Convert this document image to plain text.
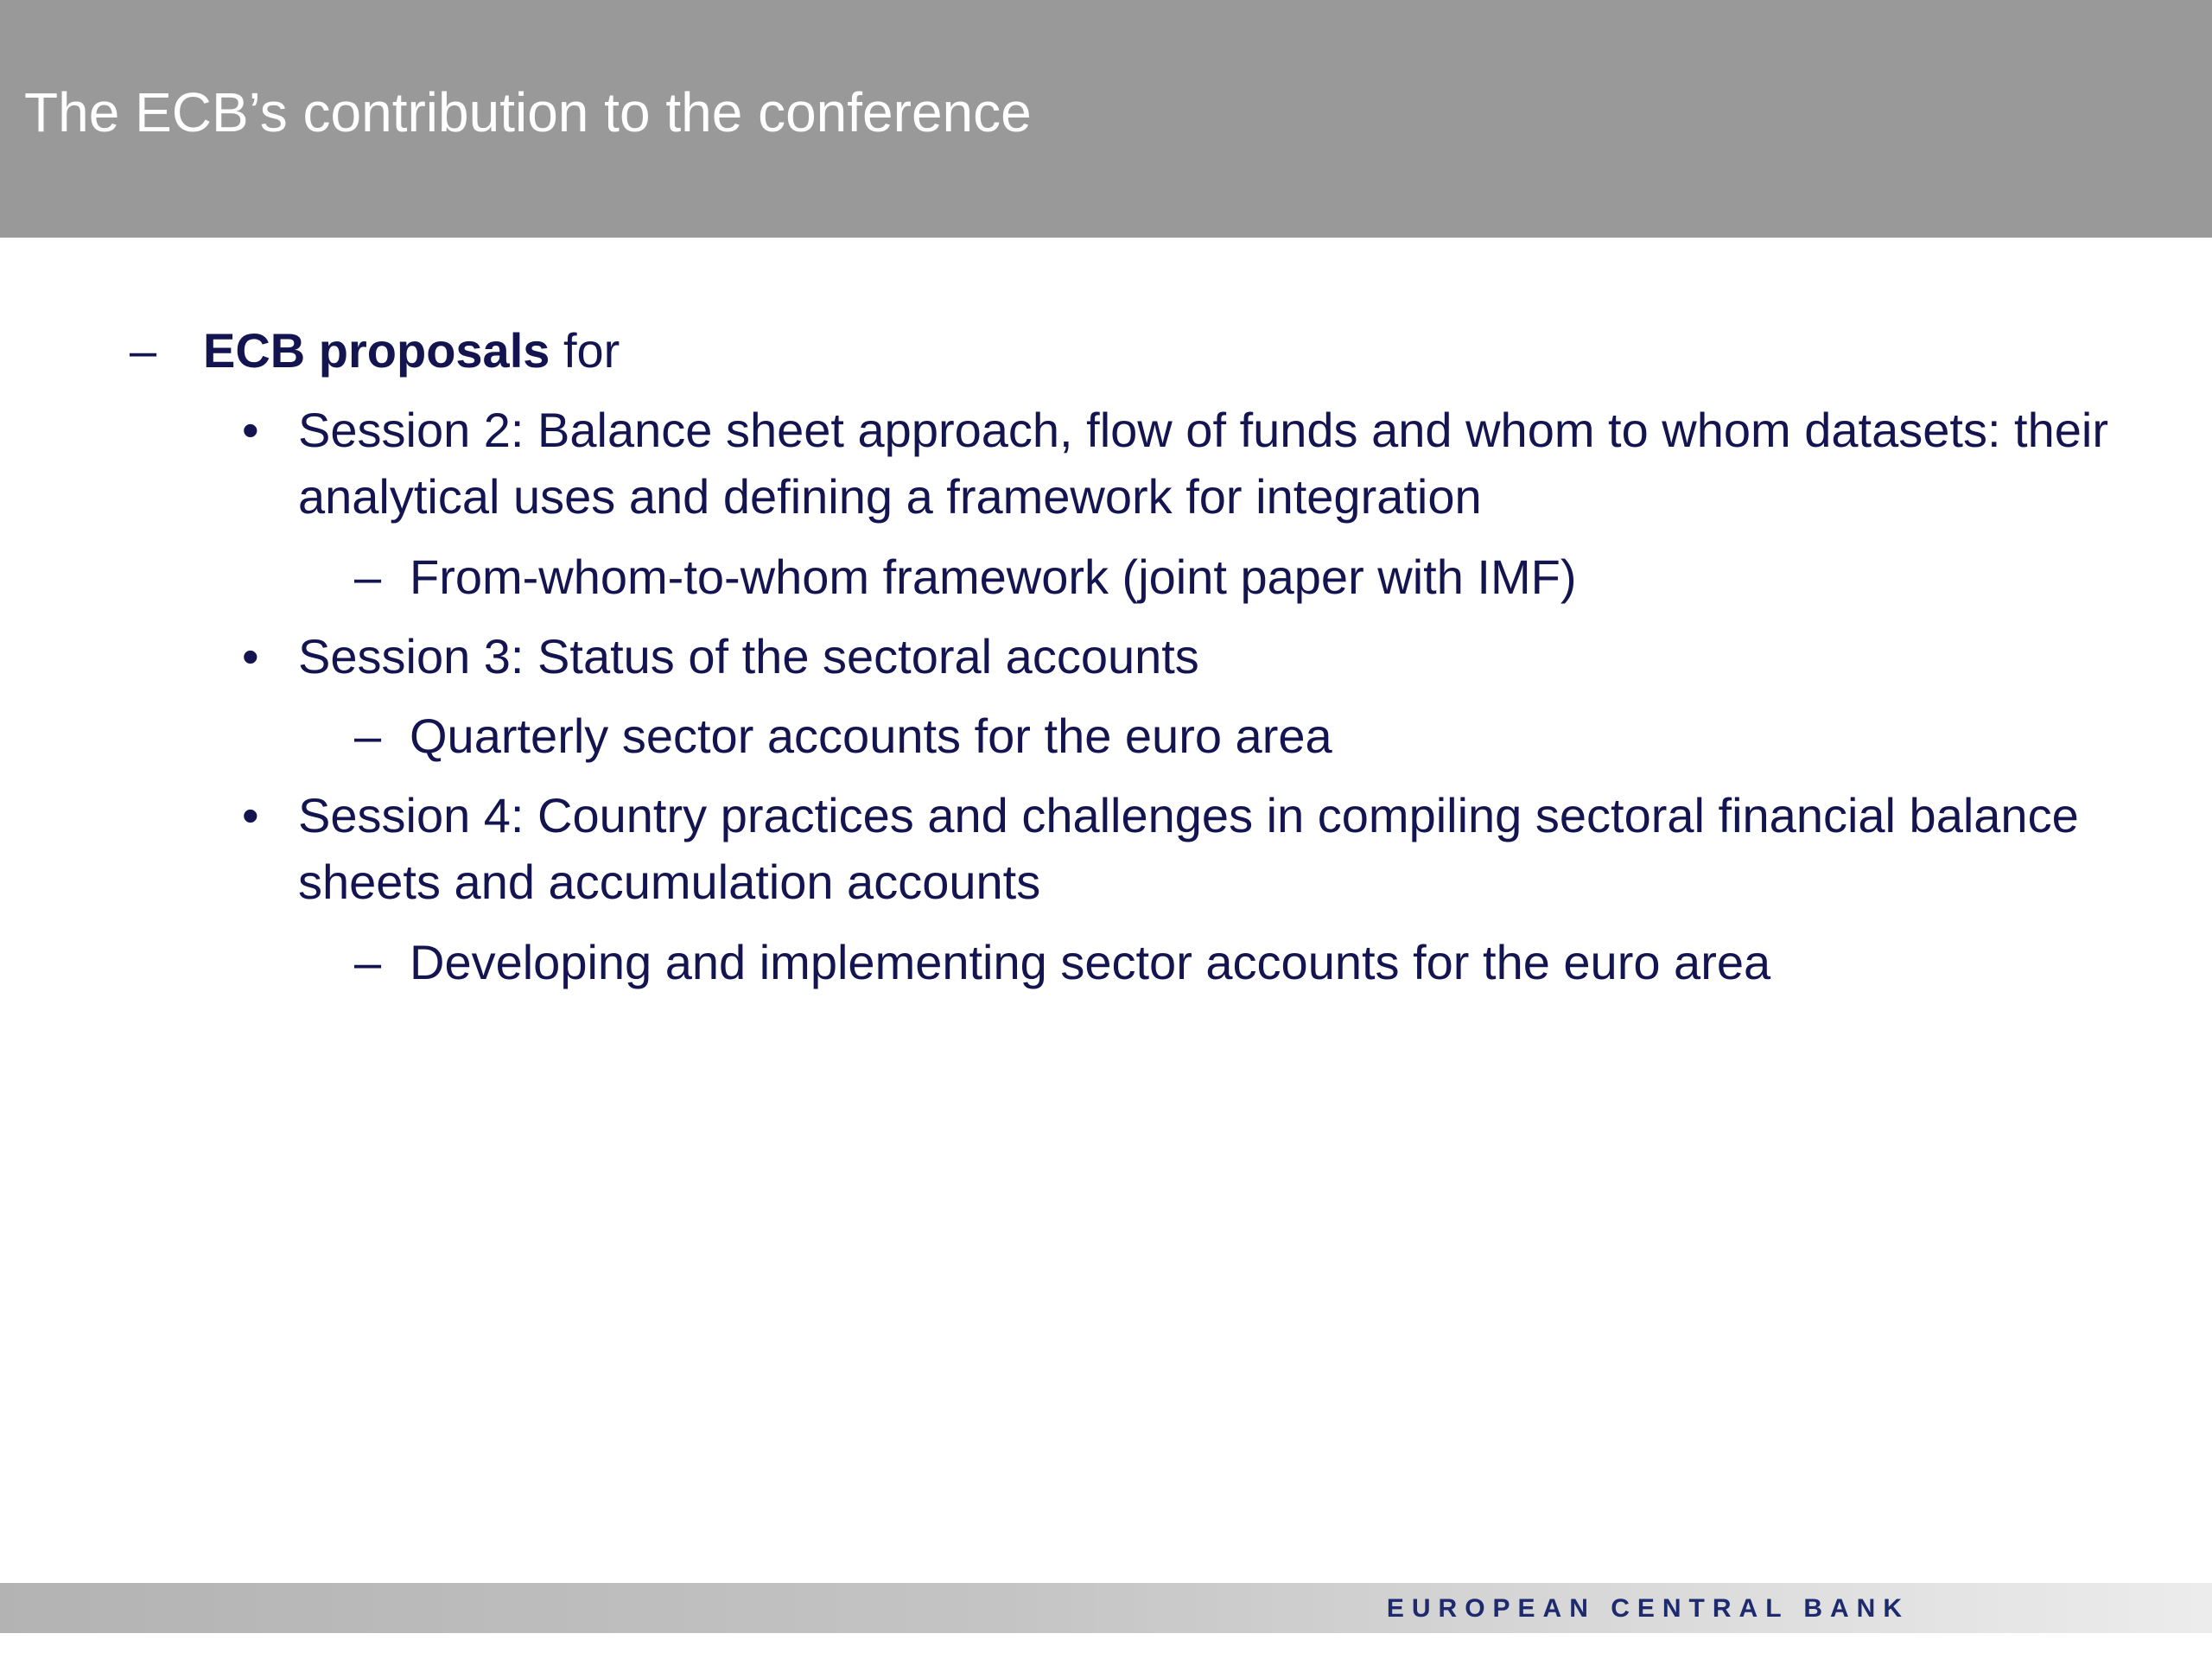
The ECB’s contribution to the conference
– ECB proposals for
• Session 2: Balance sheet approach, flow of funds and whom to whom datasets: their
analytical uses and defining a framework for integration
– From-whom-to-whom framework (joint paper with IMF)
• Session 3: Status of the sectoral accounts
– Quarterly sector accounts for the euro area
• Session 4: Country practices and challenges in compiling sectoral financial balance
sheets and accumulation accounts
– Developing and implementing sector accounts for the euro area
EUROPEAN CENTRAL BANK
